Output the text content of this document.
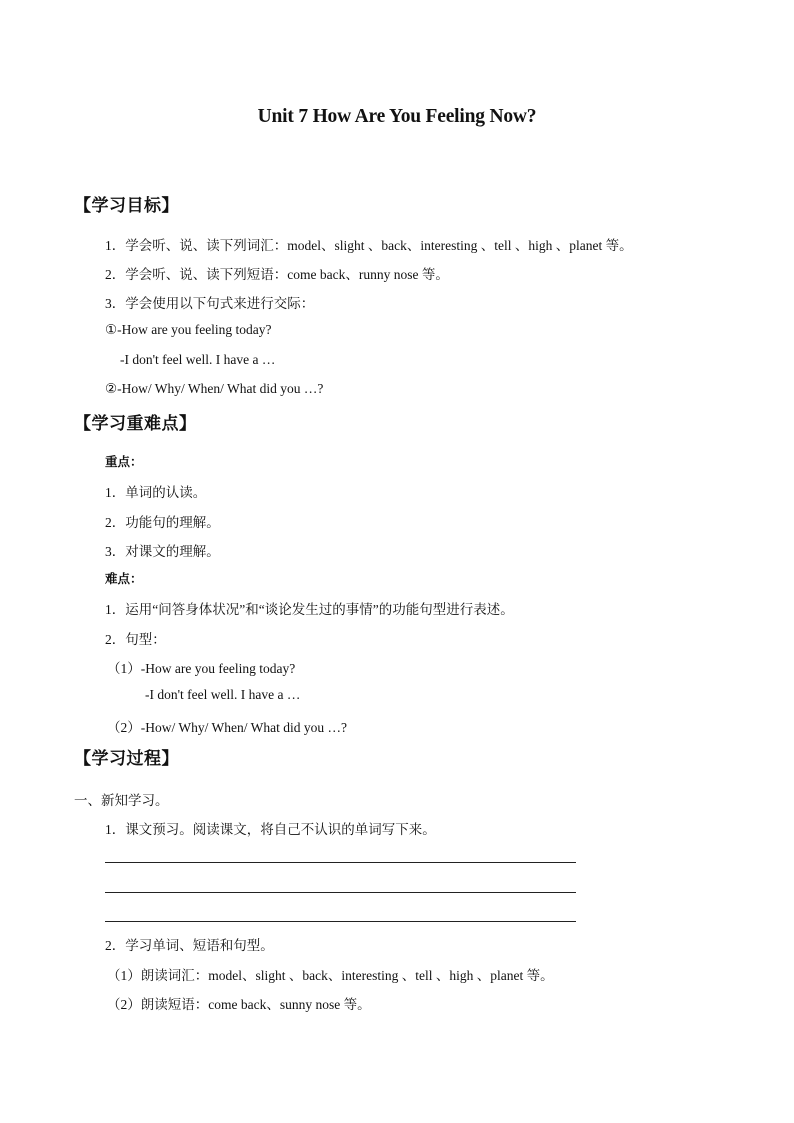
Unit 7 How Are You Feeling Now?
【学习目标】
1．学会听、说、读下列词汇：model、slight 、back、interesting 、tell 、high 、planet 等。
2．学会听、说、读下列短语：come back、runny nose 等。
3．学会使用以下句式来进行交际：
①-How are you feeling today?
-I don't feel well. I have a …
②-How/ Why/ When/ What did you …?
【学习重难点】
重点：
1．单词的认读。
2．功能句的理解。
3．对课文的理解。
难点：
1．运用“问答身体状况”和“谈论发生过的事情”的功能句型进行表述。
2．句型：
（1）-How are you feeling today?
-I don't feel well. I have a …
（2）-How/ Why/ When/ What did you …?
【学习过程】
一、新知学习。
1．课文预习。阅读课文，将自己不认识的单词写下来。
2．学习单词、短语和句型。
（1）朗读词汇：model、slight 、back、interesting 、tell 、high 、planet 等。
（2）朗读短语：come back、sunny nose 等。
